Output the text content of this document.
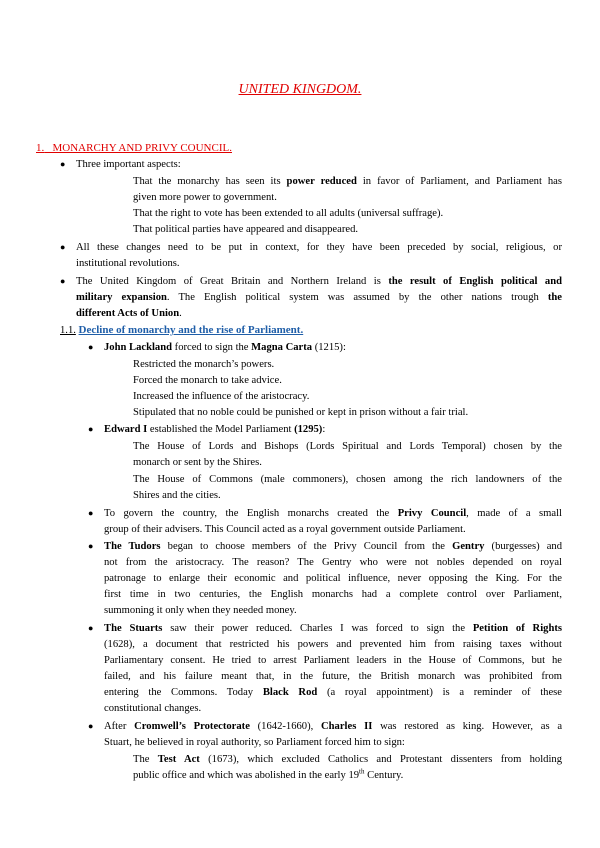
UNITED KINGDOM.
1. MONARCHY AND PRIVY COUNCIL.
● Three important aspects:
That the monarchy has seen its power reduced in favor of Parliament, and Parliament has
given more power to government.
That the right to vote has been extended to all adults (universal suffrage).
That political parties have appeared and disappeared.
● All these changes need to be put in context, for they have been preceded by social, religious, or
institutional revolutions.
● The United Kingdom of Great Britain and Northern Ireland is the result of English political and
military expansion. The English political system was assumed by the other nations trough the
different Acts of Union.
1.1. Decline of monarchy and the rise of Parliament.
● John Lackland forced to sign the Magna Carta (1215):
Restricted the monarch’s powers.
Forced the monarch to take advice.
Increased the influence of the aristocracy.
Stipulated that no noble could be punished or kept in prison without a fair trial.
● Edward I established the Model Parliament (1295):
The House of Lords and Bishops (Lords Spiritual and Lords Temporal) chosen by the
monarch or sent by the Shires.
The House of Commons (male commoners), chosen among the rich landowners of the
Shires and the cities.
● To govern the country, the English monarchs created the Privy Council, made of a small
group of their advisers. This Council acted as a royal government outside Parliament.
● The Tudors began to choose members of the Privy Council from the Gentry (burgesses) and
not from the aristocracy. The reason? The Gentry who were not nobles depended on royal
patronage to enlarge their economic and political influence, never opposing the King. For the
first time in two centuries, the English monarchs had a complete control over Parliament,
summoning it only when they needed money.
● The Stuarts saw their power reduced. Charles I was forced to sign the Petition of Rights
(1628), a document that restricted his powers and prevented him from raising taxes without
Parliamentary consent. He tried to arrest Parliament leaders in the House of Commons, but he
failed, and his failure meant that, in the future, the British monarch was prohibited from
entering the Commons. Today Black Rod (a royal appointment) is a reminder of these
constitutional changes.
● After Cromwell’s Protectorate (1642-1660), Charles II was restored as king. However, as a
Stuart, he believed in royal authority, so Parliament forced him to sign:
The Test Act (1673), which excluded Catholics and Protestant dissenters from holding
public office and which was abolished in the early 19th Century.
